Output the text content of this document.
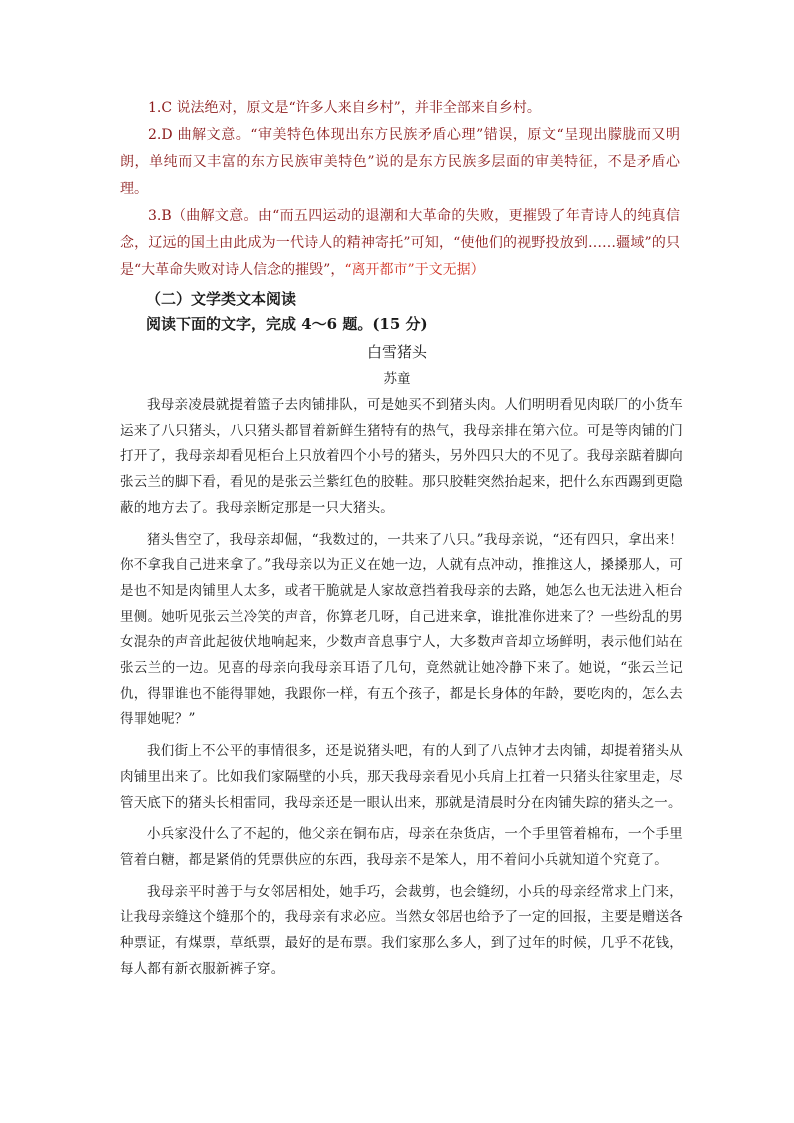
1.C 说法绝对，原文是“许多人来自乡村”，并非全部来自乡村。

2.D 曲解文意。“审美特色体现出东方民族矛盾心理”错误，原文“呈现出朦胧而又明朗，单纯而又丰富的东方民族审美特色”说的是东方民族多层面的审美特征，不是矛盾心理。

3.B（曲解文意。由“而五四运动的退潮和大革命的失败，更摧毁了年青诗人的纯真信念，辽远的国土由此成为一代诗人的精神寄托”可知，“使他们的视野投放到……疆域”的只是“大革命失败对诗人信念的摧毁”，“离开都市”于文无据）

（二）文学类文本阅读
阅读下面的文字，完成 4～6 题。(15 分)
白雪猪头
苏童

我母亲凌晨就提着篮子去肉铺排队，可是她买不到猪头肉。人们明明看见肉联厂的小货车运来了八只猪头，八只猪头都冒着新鲜生猪特有的热气，我母亲排在第六位。可是等肉铺的门打开了，我母亲却看见柜台上只放着四个小号的猪头，另外四只大的不见了。我母亲踮着脚向张云兰的脚下看，看见的是张云兰紫红色的胶鞋。那只胶鞋突然抬起来，把什么东西踢到更隐蔽的地方去了。我母亲断定那是一只大猪头。

猪头售空了，我母亲却倔，“我数过的，一共来了八只。”我母亲说，“还有四只，拿出来！你不拿我自己进来拿了。”我母亲以为正义在她一边，人就有点冲动，推推这人，搡搡那人，可是也不知是肉铺里人太多，或者干脆就是人家故意挡着我母亲的去路，她怎么也无法进入柜台里侧。她听见张云兰冷笑的声音，你算老几呀，自己进来拿，谁批准你进来了？一些纷乱的男女混杂的声音此起彼伏地响起来，少数声音息事宁人，大多数声音却立场鲜明，表示他们站在张云兰的一边。见喜的母亲向我母亲耳语了几句，竟然就让她冷静下来了。她说，“张云兰记仇，得罪谁也不能得罪她，我跟你一样，有五个孩子，都是长身体的年龄，要吃肉的，怎么去得罪她呢？”

我们街上不公平的事情很多，还是说猪头吧，有的人到了八点钟才去肉铺，却提着猪头从肉铺里出来了。比如我们家隔壁的小兵，那天我母亲看见小兵肩上扛着一只猪头往家里走，尽管天底下的猪头长相雷同，我母亲还是一眼认出来，那就是清晨时分在肉铺失踪的猪头之一。

小兵家没什么了不起的，他父亲在铜布店，母亲在杂货店，一个手里管着棉布，一个手里管着白糖，都是紧俏的凭票供应的东西，我母亲不是笨人，用不着问小兵就知道个究竟了。

我母亲平时善于与女邻居相处，她手巧，会裁剪，也会缝纫，小兵的母亲经常求上门来，让我母亲缝这个缝那个的，我母亲有求必应。当然女邻居也给予了一定的回报，主要是赠送各种票证，有煤票，草纸票，最好的是布票。我们家那么多人，到了过年的时候，几乎不花钱，每人都有新衣服新裤子穿。
